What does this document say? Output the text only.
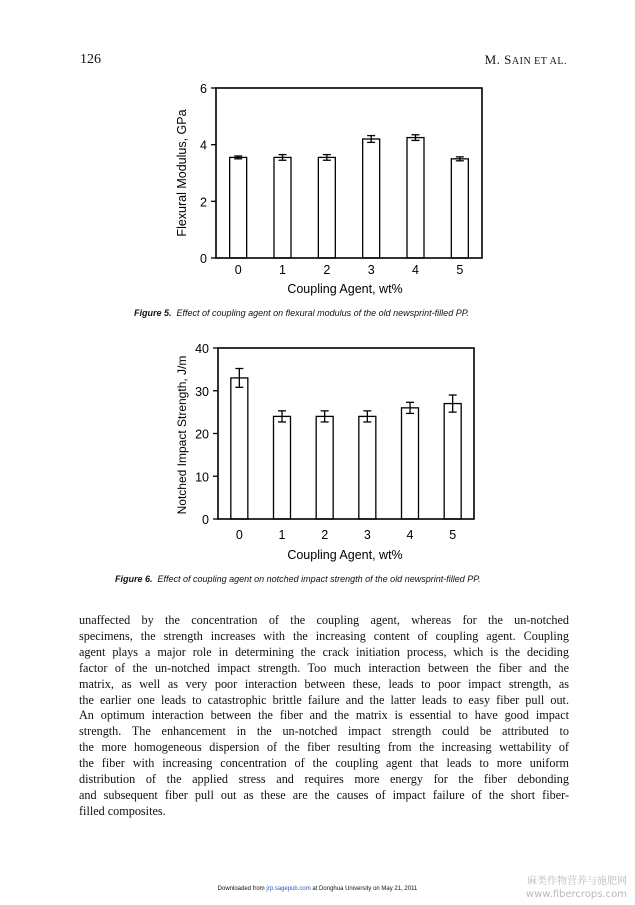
126	M. SAIN ET AL.
0
2
4
6
0	1	2	3	4	5
Flexural Modulus, GPa
Coupling Agent, wt%
Figure 5. Effect of coupling agent on flexural modulus of the old newsprint-filled PP.
0
10
20
30
40
0	1	2	3	4	5
Notched Impact Strength, J/m
Coupling Agent, wt%
Figure 6. Effect of coupling agent on notched impact strength of the old newsprint-filled PP.
unaffected by the concentration of the coupling agent, whereas for the un-notched
specimens, the strength increases with the increasing content of coupling agent. Coupling
agent plays a major role in determining the crack initiation process, which is the deciding
factor of the un-notched impact strength. Too much interaction between the fiber and the
matrix, as well as very poor interaction between these, leads to poor impact strength, as
the earlier one leads to catastrophic brittle failure and the latter leads to easy fiber pull out.
An optimum interaction between the fiber and the matrix is essential to have good impact
strength. The enhancement in the un-notched impact strength could be attributed to
the more homogeneous dispersion of the fiber resulting from the increasing wettability of
the fiber with increasing concentration of the coupling agent that leads to more uniform
distribution of the applied stress and requires more energy for the fiber debonding
and subsequent fiber pull out as these are the causes of impact failure of the short fiber-
filled composites.
Downloaded from jrp.sagepub.com at Donghua University on May 21, 2011
麻类作物营养与施肥网
www.fibercrops.com
